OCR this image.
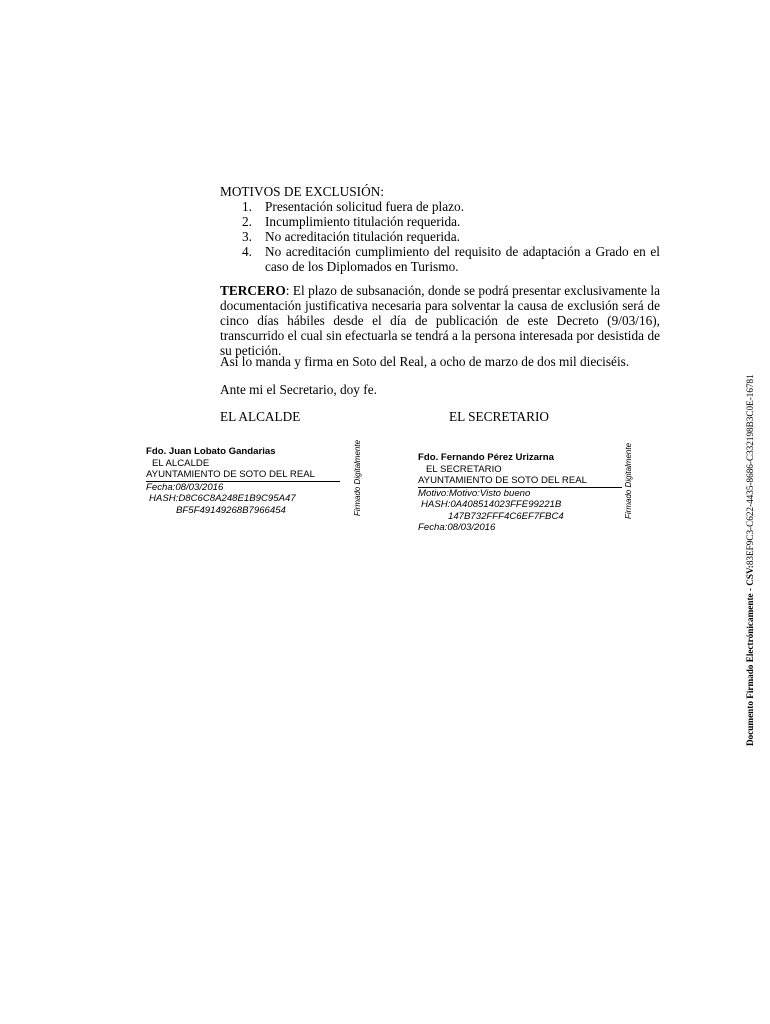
MOTIVOS DE EXCLUSIÓN:
1. Presentación solicitud fuera de plazo.
2. Incumplimiento titulación requerida.
3. No acreditación titulación requerida.
4. No acreditación cumplimiento del requisito de adaptación a Grado en el caso de los Diplomados en Turismo.
TERCERO: El plazo de subsanación, donde se podrá presentar exclusivamente la documentación justificativa necesaria para solventar la causa de exclusión será de cinco días hábiles desde el día de publicación de este Decreto (9/03/16), transcurrido el cual sin efectuarla se tendrá a la persona interesada por desistida de su petición.
Así lo manda y firma en Soto del Real, a ocho de marzo de dos mil dieciséis.
Ante mi el Secretario, doy fe.
EL ALCALDE	EL SECRETARIO
Fdo. Juan Lobato Gandarias
EL ALCALDE
AYUNTAMIENTO DE SOTO DEL REAL
Fecha:08/03/2016
HASH:D8C6C8A248E1B9C95A47
BF5F49149268B7966454	Firmado Digitalmente	Fdo. Fernando Pérez Urizarna
EL SECRETARIO
AYUNTAMIENTO DE SOTO DEL REAL
Motivo:Motivo:Visto bueno
HASH:0A408514023FFE99221B
147B732FFF4C6EF7FBC4
Fecha:08/03/2016
Firmado Digitalmente
Documento Firmado Electrónicamente - CSV:83EF9C3-C622-4435-8686-C332198B3C0E-16781
